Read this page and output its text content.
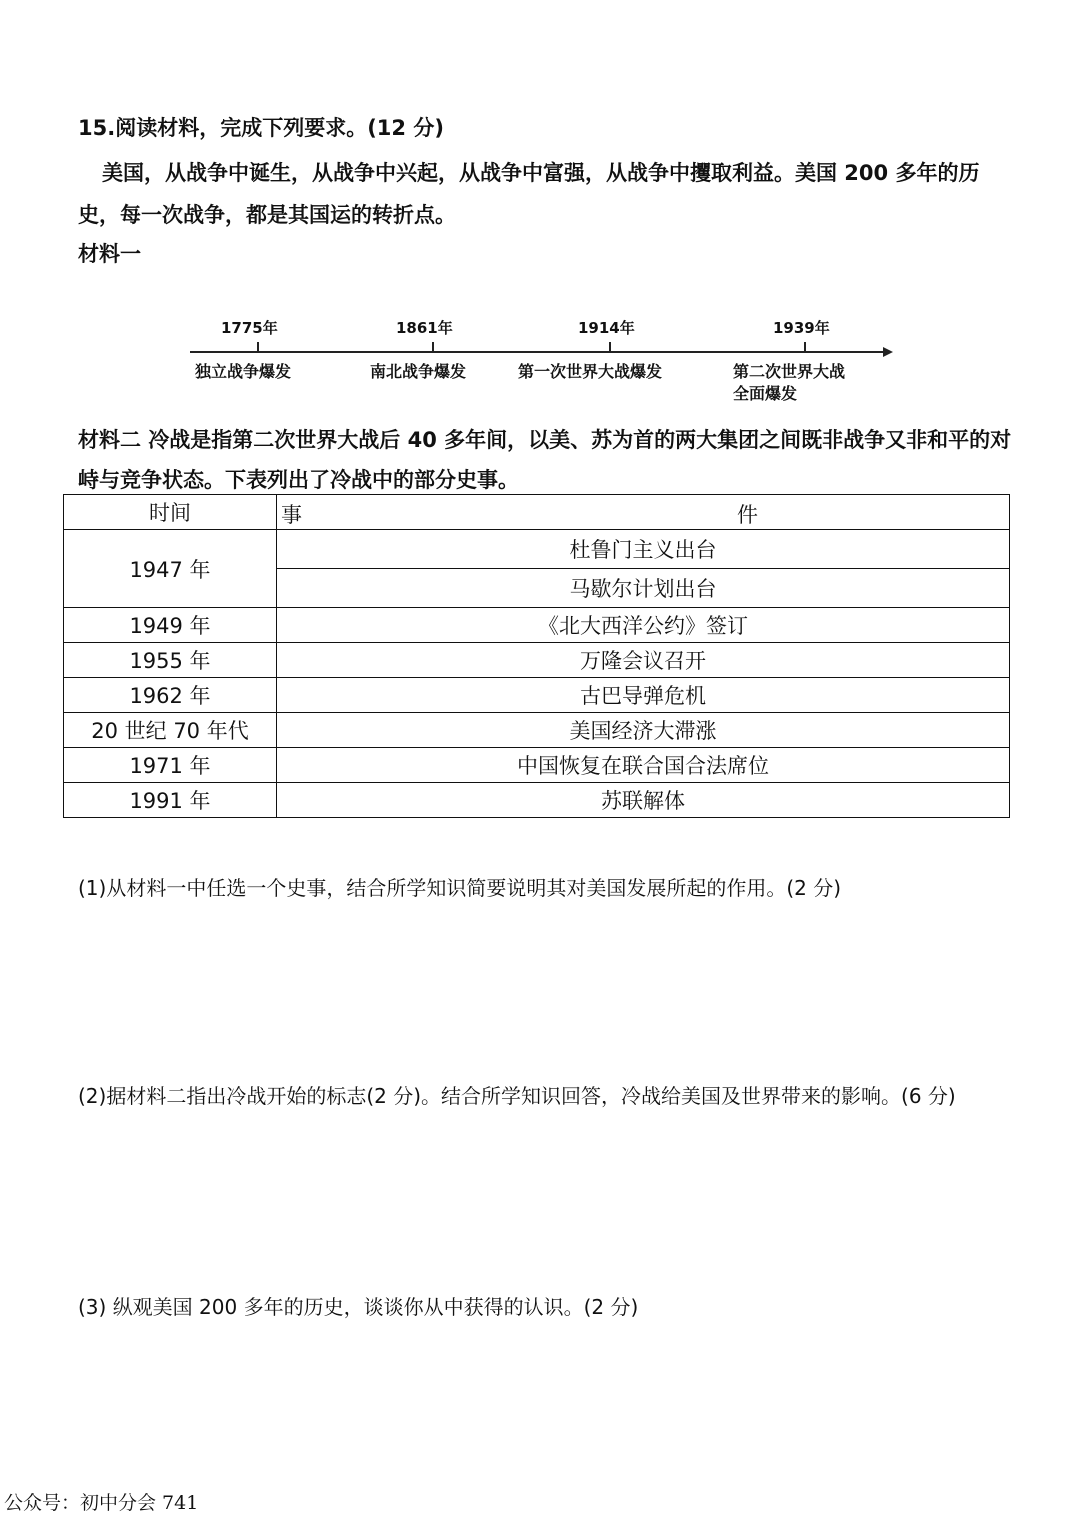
15.阅读材料，完成下列要求。(12 分)
美国，从战争中诞生，从战争中兴起，从战争中富强，从战争中攫取利益。美国 200 多年的历史，每一次战争，都是其国运的转折点。
材料一
1775年	1861年	1914年	1939年
独立战争爆发	南北战争爆发	第一次世界大战爆发	第二次世界大战
全面爆发
材料二 冷战是指第二次世界大战后 40 多年间，以美、苏为首的两大集团之间既非战争又非和平的对峙与竞争状态。下表列出了冷战中的部分史事。
时间	事 件

1947 年	杜鲁门主义出台
	马歇尔计划出台
1949 年	《北大西洋公约》签订
1955 年	万隆会议召开
1962 年	古巴导弹危机
20 世纪 70 年代	美国经济大滞涨
1971 年	中国恢复在联合国合法席位
1991 年	苏联解体
(1)从材料一中任选一个史事，结合所学知识简要说明其对美国发展所起的作用。(2 分)
(2)据材料二指出冷战开始的标志(2 分)。结合所学知识回答，冷战给美国及世界带来的影响。(6 分)
(3) 纵观美国 200 多年的历史，谈谈你从中获得的认识。(2 分)
公众号：初中分会 741
